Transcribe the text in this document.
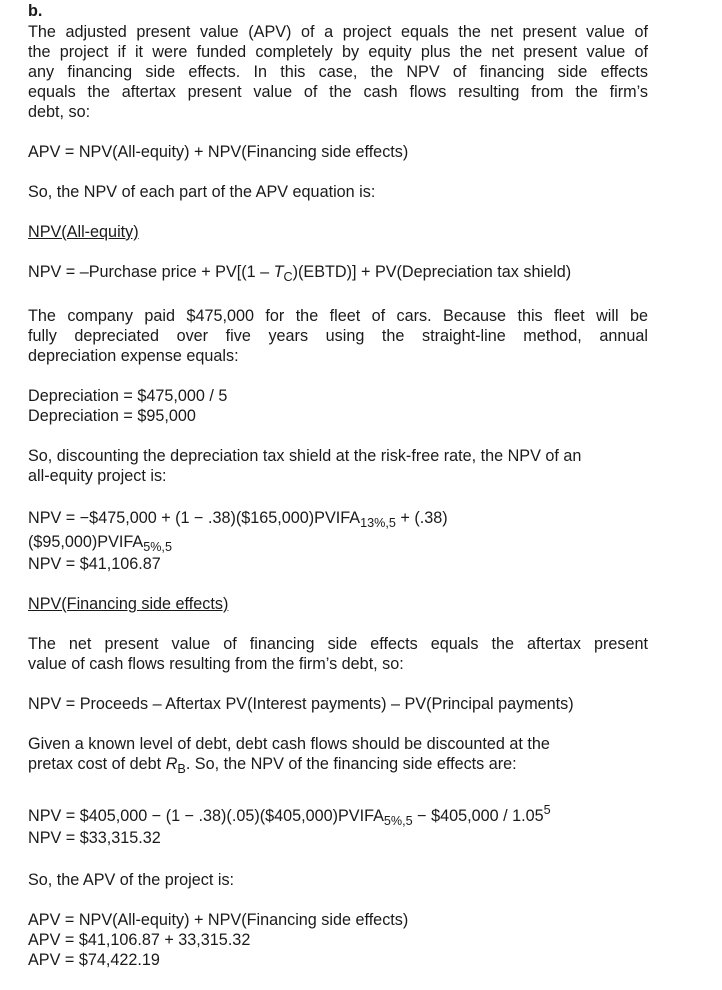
b.
The adjusted present value (APV) of a project equals the net present value of
the project if it were funded completely by equity plus the net present value of
any financing side effects. In this case, the NPV of financing side effects
equals the aftertax present value of the cash flows resulting from the firm’s
debt, so:
APV = NPV(All-equity) + NPV(Financing side effects)
So, the NPV of each part of the APV equation is:
NPV(All-equity)
NPV = –Purchase price + $PV[(1 - T_C)(EBTD)]$ + PV(Depreciation tax shield)
The company paid $475,000 for the fleet of cars. Because this fleet will be
fully depreciated over five years using the straight-line method, annual
depreciation expense equals:
Depreciation = $475,000 / 5
Depreciation = $95,000
So, discounting the depreciation tax shield at the risk-free rate, the NPV of an
all-equity project is:
NPV = −$475,000 + $(1 - .38)(\$165,000)PVIFA_{13\%,5} + (.38)$
$(\$95,000)PVIFA_{5\%,5}$
NPV = $41,106.87
NPV(Financing side effects)
The net present value of financing side effects equals the aftertax present
value of cash flows resulting from the firm’s debt, so:
NPV = Proceeds – Aftertax PV(Interest payments) – PV(Principal payments)
Given a known level of debt, debt cash flows should be discounted at the
pretax cost of debt $R_B$. So, the NPV of the financing side effects are:
NPV = $405,000 − $(1 - .38)(.05)(\$405,000)PVIFA_{5\%,5}$ − $405,000 / 1.05$^5$
NPV = $33,315.32
So, the APV of the project is:
APV = NPV(All-equity) + NPV(Financing side effects)
APV = $41,106.87 + 33,315.32
APV = $74,422.19
